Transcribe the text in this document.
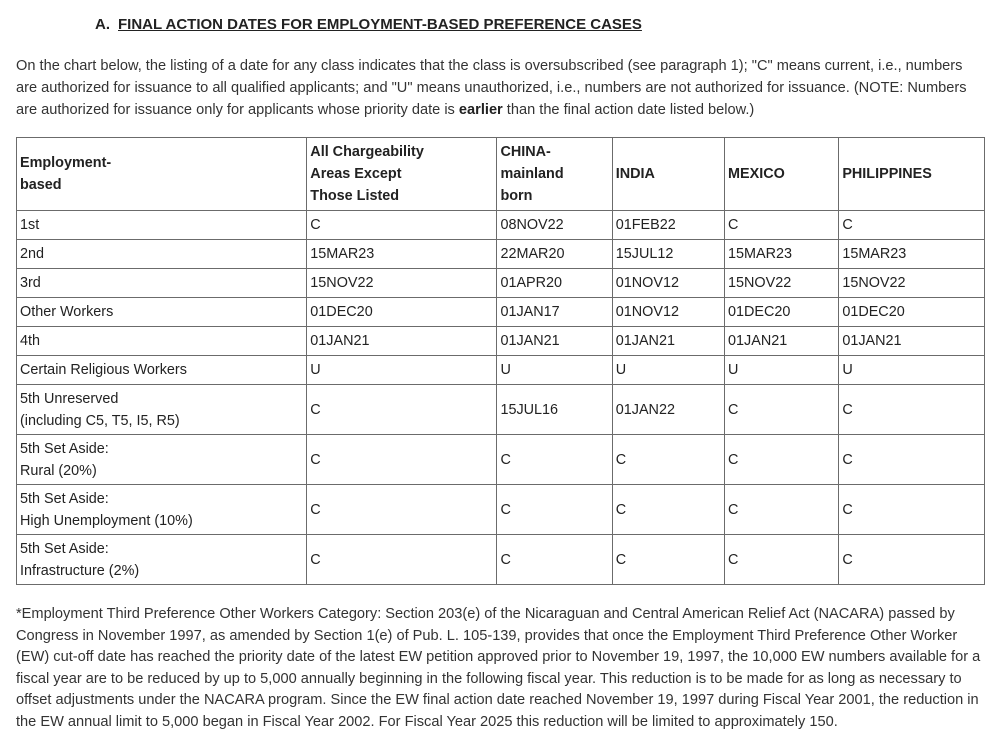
A. FINAL ACTION DATES FOR EMPLOYMENT-BASED PREFERENCE CASES

On the chart below, the listing of a date for any class indicates that the class is oversubscribed (see paragraph 1); "C" means current, i.e., numbers are authorized for issuance to all qualified applicants; and "U" means unauthorized, i.e., numbers are not authorized for issuance. (NOTE: Numbers are authorized for issuance only for applicants whose priority date is earlier than the final action date listed below.)

Employment-
based	All Chargeability
Areas Except
Those Listed	CHINA-
mainland
born	INDIA	MEXICO	PHILIPPINES
1st	C	08NOV22	01FEB22	C	C
2nd	15MAR23	22MAR20	15JUL12	15MAR23	15MAR23
3rd	15NOV22	01APR20	01NOV12	15NOV22	15NOV22
Other Workers	01DEC20	01JAN17	01NOV12	01DEC20	01DEC20
4th	01JAN21	01JAN21	01JAN21	01JAN21	01JAN21
Certain Religious Workers	U	U	U	U	U
5th Unreserved
(including C5, T5, I5, R5)	C	15JUL16	01JAN22	C	C
5th Set Aside:
Rural (20%)	C	C	C	C	C
5th Set Aside:
High Unemployment (10%)	C	C	C	C	C
5th Set Aside:
Infrastructure (2%)	C	C	C	C	C

*Employment Third Preference Other Workers Category: Section 203(e) of the Nicaraguan and Central American Relief Act (NACARA) passed by Congress in November 1997, as amended by Section 1(e) of Pub. L. 105-139, provides that once the Employment Third Preference Other Worker (EW) cut-off date has reached the priority date of the latest EW petition approved prior to November 19, 1997, the 10,000 EW numbers available for a fiscal year are to be reduced by up to 5,000 annually beginning in the following fiscal year. This reduction is to be made for as long as necessary to offset adjustments under the NACARA program. Since the EW final action date reached November 19, 1997 during Fiscal Year 2001, the reduction in the EW annual limit to 5,000 began in Fiscal Year 2002. For Fiscal Year 2025 this reduction will be limited to approximately 150.
